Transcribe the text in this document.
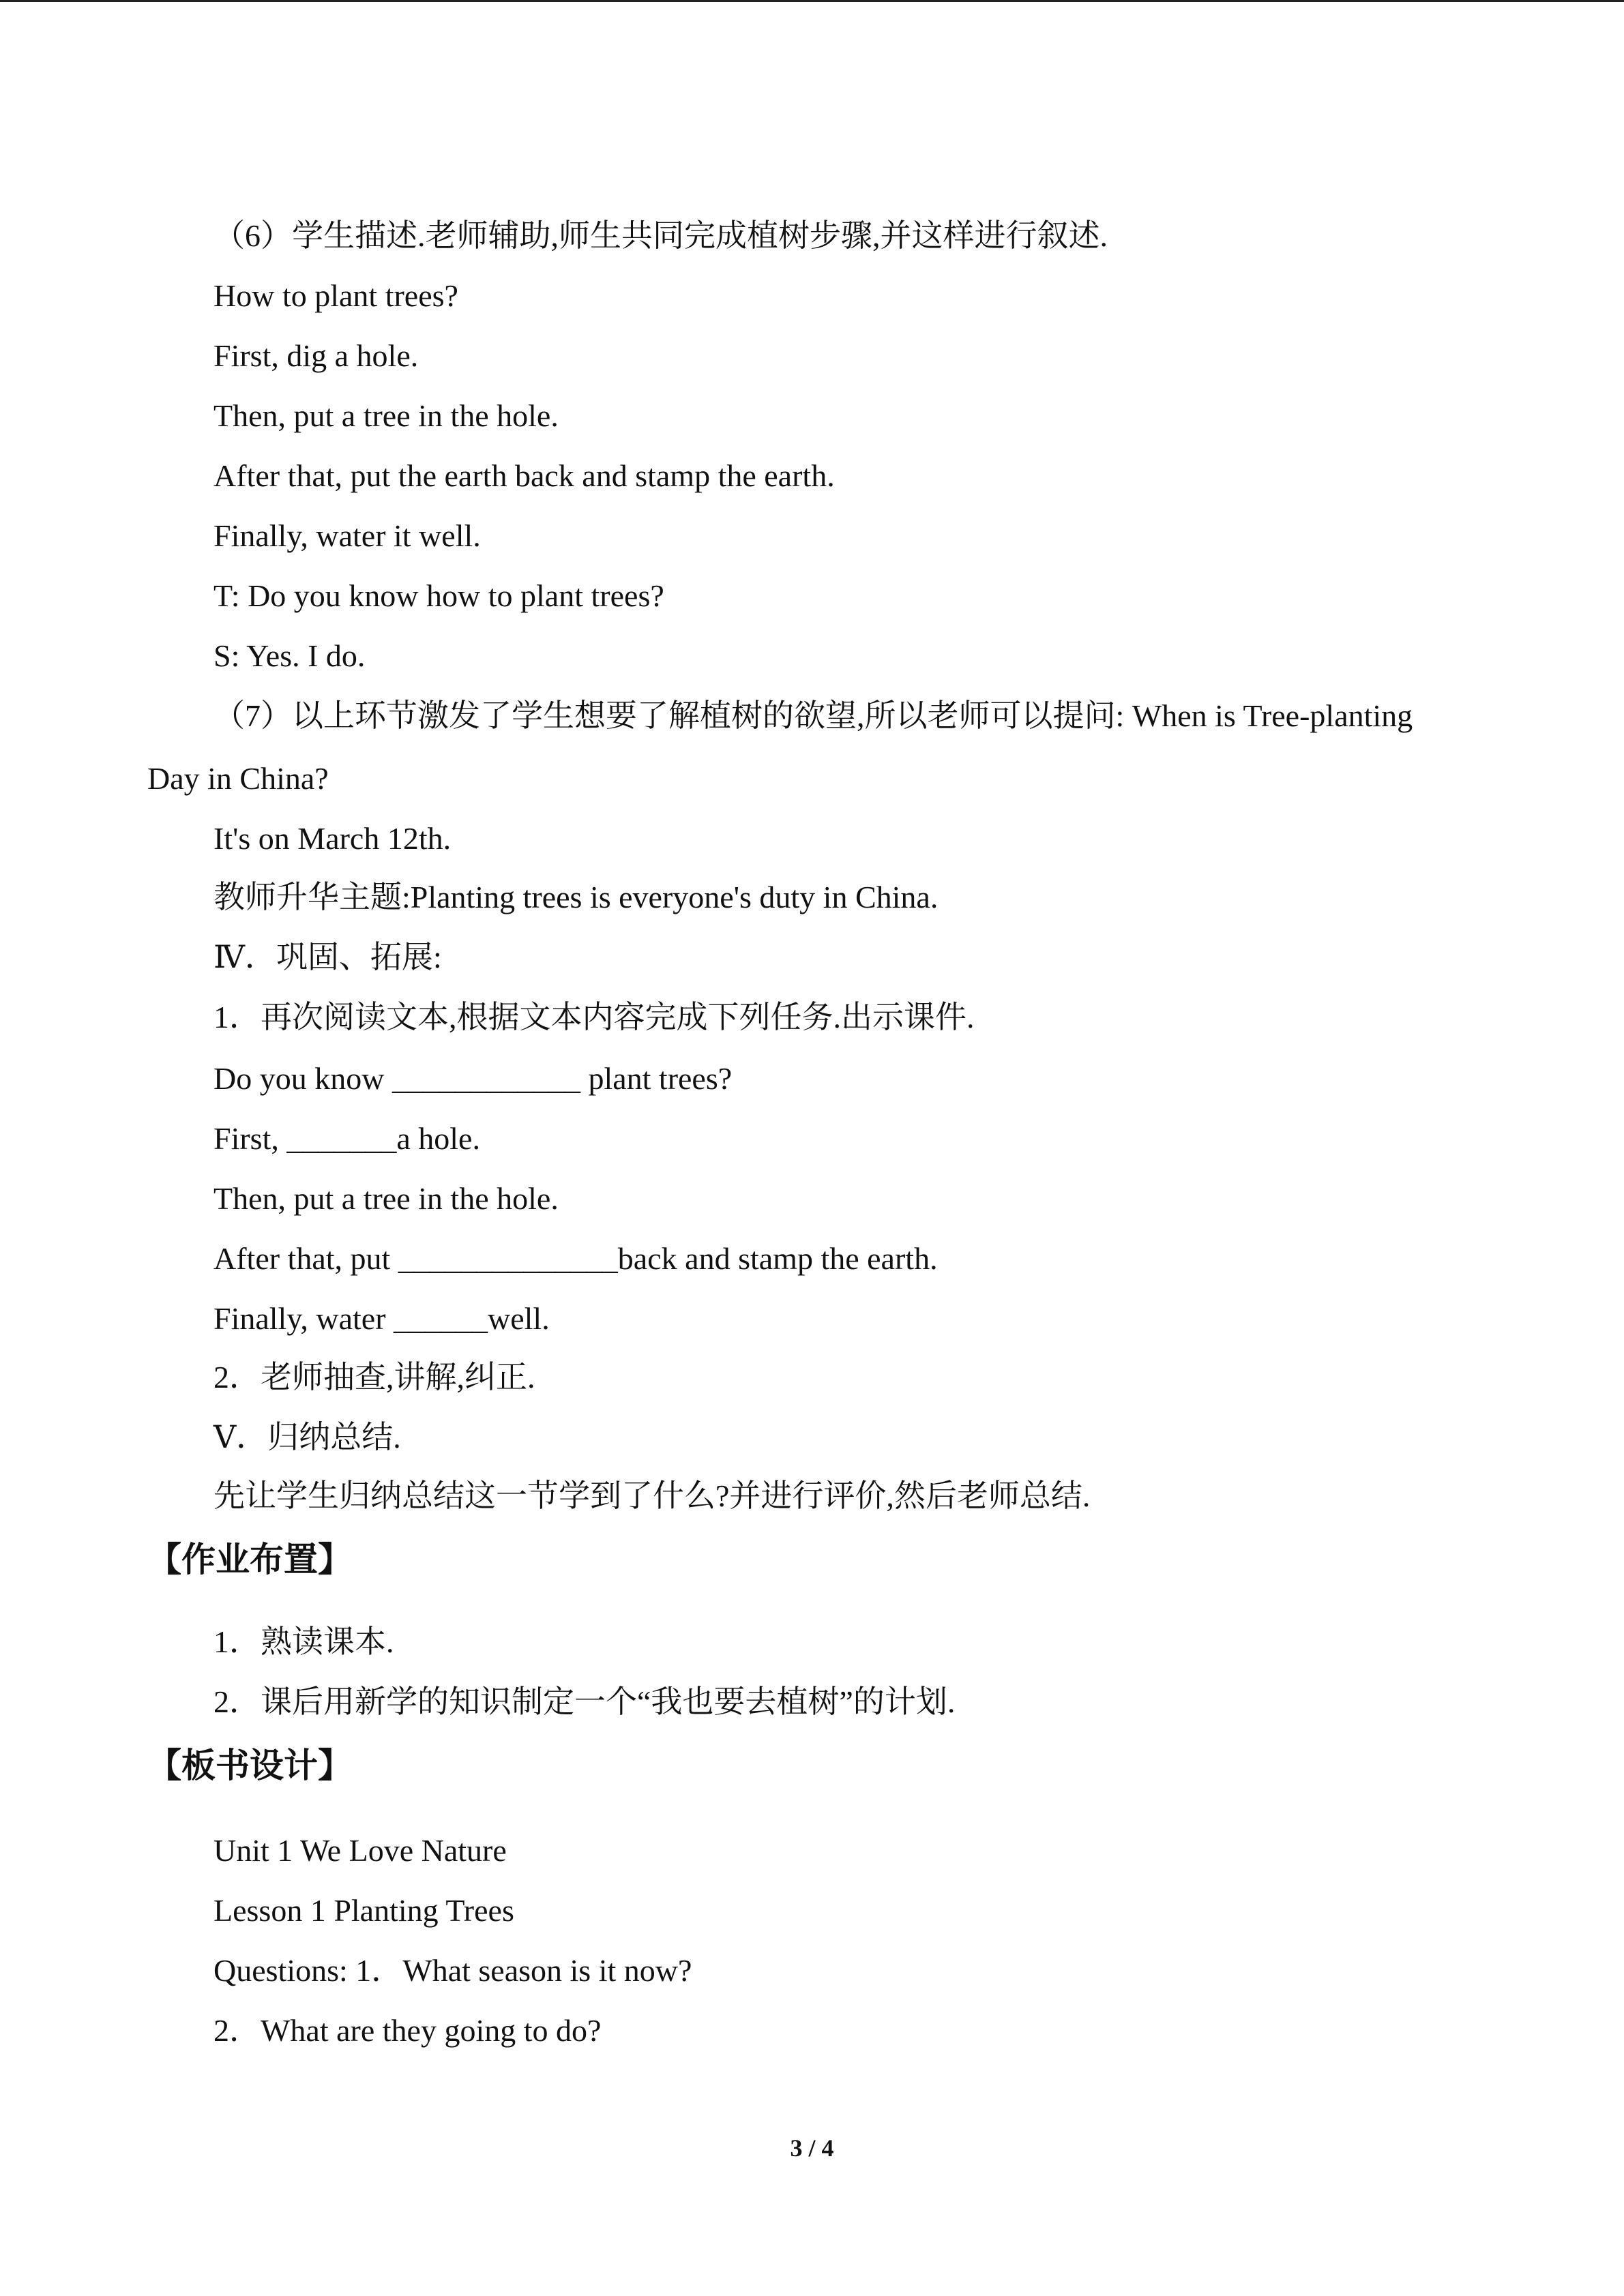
（6）学生描述.老师辅助,师生共同完成植树步骤,并这样进行叙述.
How to plant trees?
First, dig a hole.
Then, put a tree in the hole.
After that, put the earth back and stamp the earth.
Finally, water it well.
T: Do you know how to plant trees?
S: Yes. I do.
（7）以上环节激发了学生想要了解植树的欲望,所以老师可以提问: When is Tree-planting
Day in China?
It's on March 12th.
教师升华主题:Planting trees is everyone's duty in China.
Ⅳ．巩固、拓展:
1．再次阅读文本,根据文本内容完成下列任务.出示课件.
Do you know ____________ plant trees?
First, _______a hole.
Then, put a tree in the hole.
After that, put ______________back and stamp the earth.
Finally, water ______well.
2．老师抽查,讲解,纠正.
Ⅴ．归纳总结.
先让学生归纳总结这一节学到了什么?并进行评价,然后老师总结.
【作业布置】
1．熟读课本.
2．课后用新学的知识制定一个“我也要去植树”的计划.
【板书设计】
Unit 1 We Love Nature
Lesson 1 Planting Trees
Questions: 1．What season is it now?
2．What are they going to do?
3 / 4
